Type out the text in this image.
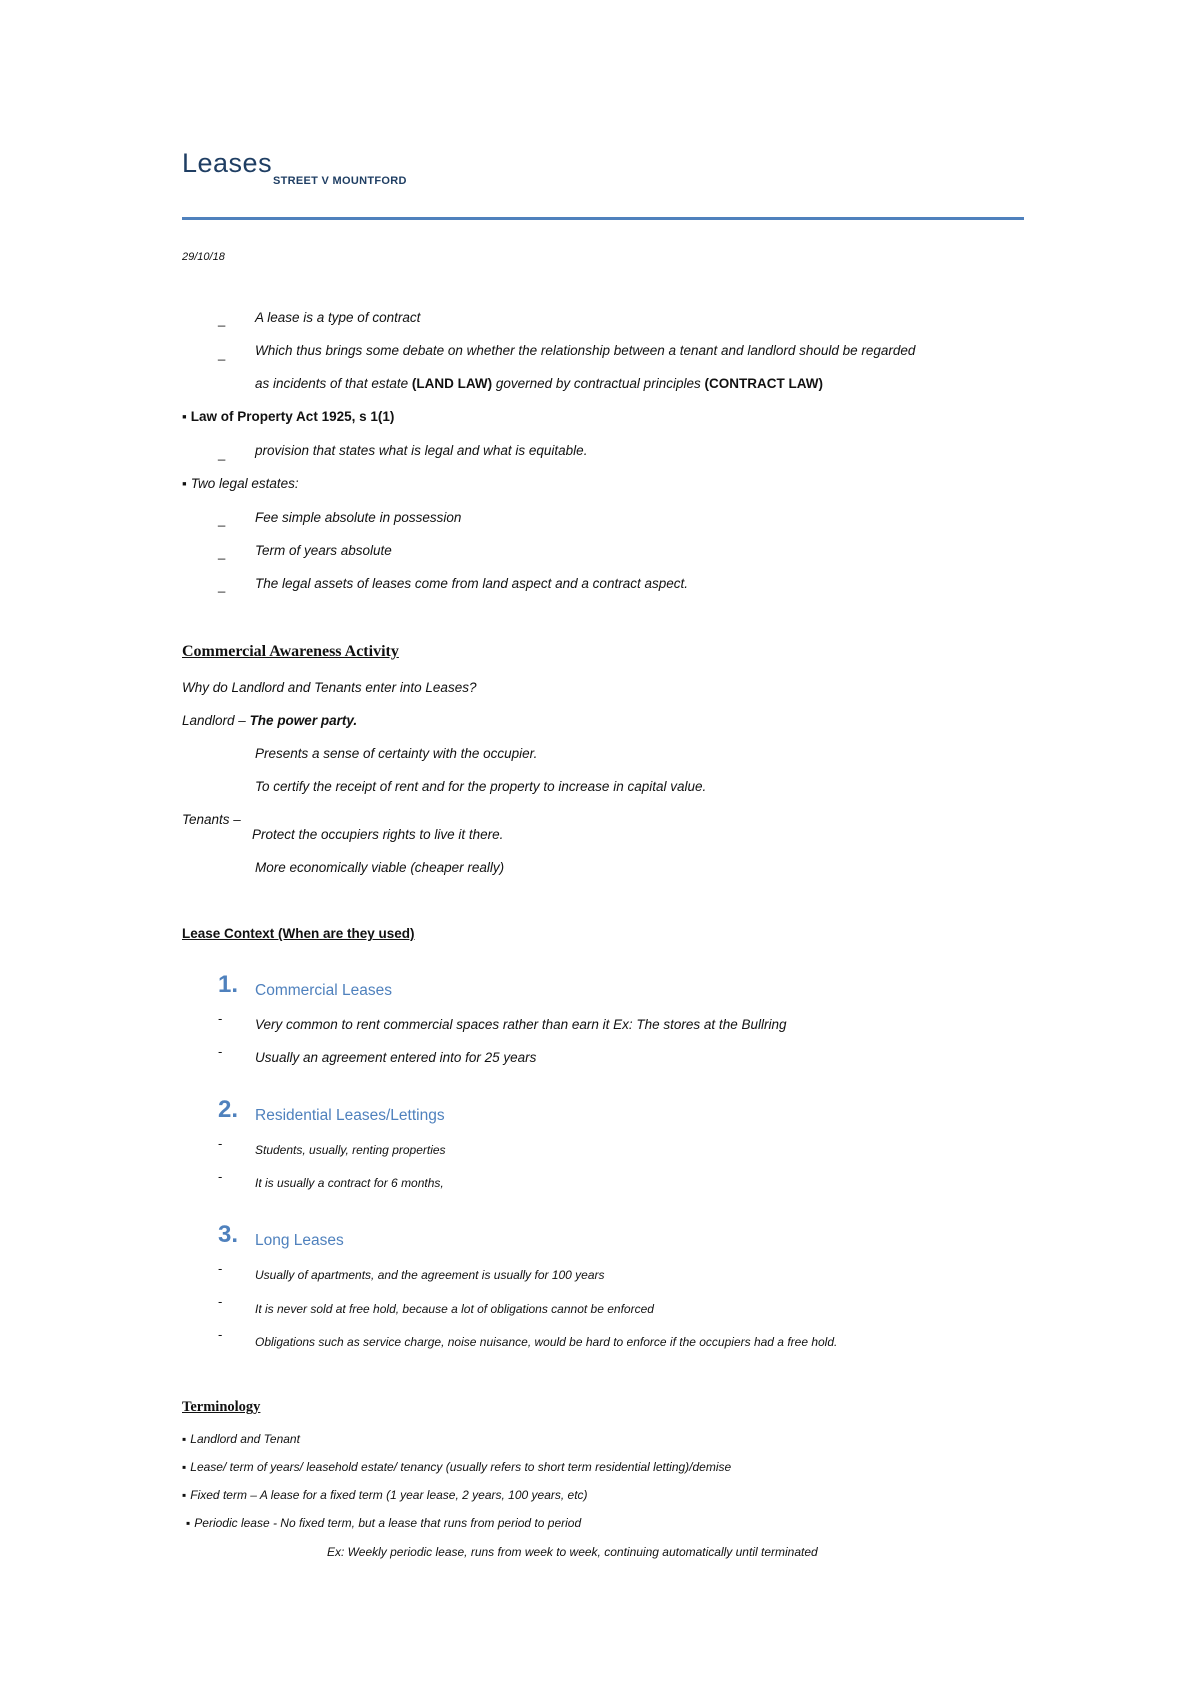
Leases
STREET V MOUNTFORD
29/10/18
_ A lease is a type of contract
_ Which thus brings some debate on whether the relationship between a tenant and landlord should be regarded
as incidents of that estate (LAND LAW) governed by contractual principles (CONTRACT LAW)
▪ Law of Property Act 1925, s 1(1)
_ provision that states what is legal and what is equitable.
▪ Two legal estates:
_ Fee simple absolute in possession
_ Term of years absolute
_ The legal assets of leases come from land aspect and a contract aspect.
Commercial Awareness Activity
Why do Landlord and Tenants enter into Leases?
Landlord – The power party.
Presents a sense of certainty with the occupier.
To certify the receipt of rent and for the property to increase in capital value.
Tenants –
Protect the occupiers rights to live it there.
More economically viable (cheaper really)
Lease Context (When are they used)
1. Commercial Leases
- Very common to rent commercial spaces rather than earn it Ex: The stores at the Bullring
- Usually an agreement entered into for 25 years
2. Residential Leases/Lettings
-	Students, usually, renting properties
-	It is usually a contract for 6 months,
3. Long Leases
-	Usually of apartments, and the agreement is usually for 100 years
-	It is never sold at free hold, because a lot of obligations cannot be enforced
-	Obligations such as service charge, noise nuisance, would be hard to enforce if the occupiers had a free hold.
Terminology
▪ Landlord and Tenant
▪ Lease/ term of years/ leasehold estate/ tenancy (usually refers to short term residential letting)/demise
▪ Fixed term – A lease for a fixed term (1 year lease, 2 years, 100 years, etc)
▪ Periodic lease - No fixed term, but a lease that runs from period to period
Ex: Weekly periodic lease, runs from week to week, continuing automatically until terminated
